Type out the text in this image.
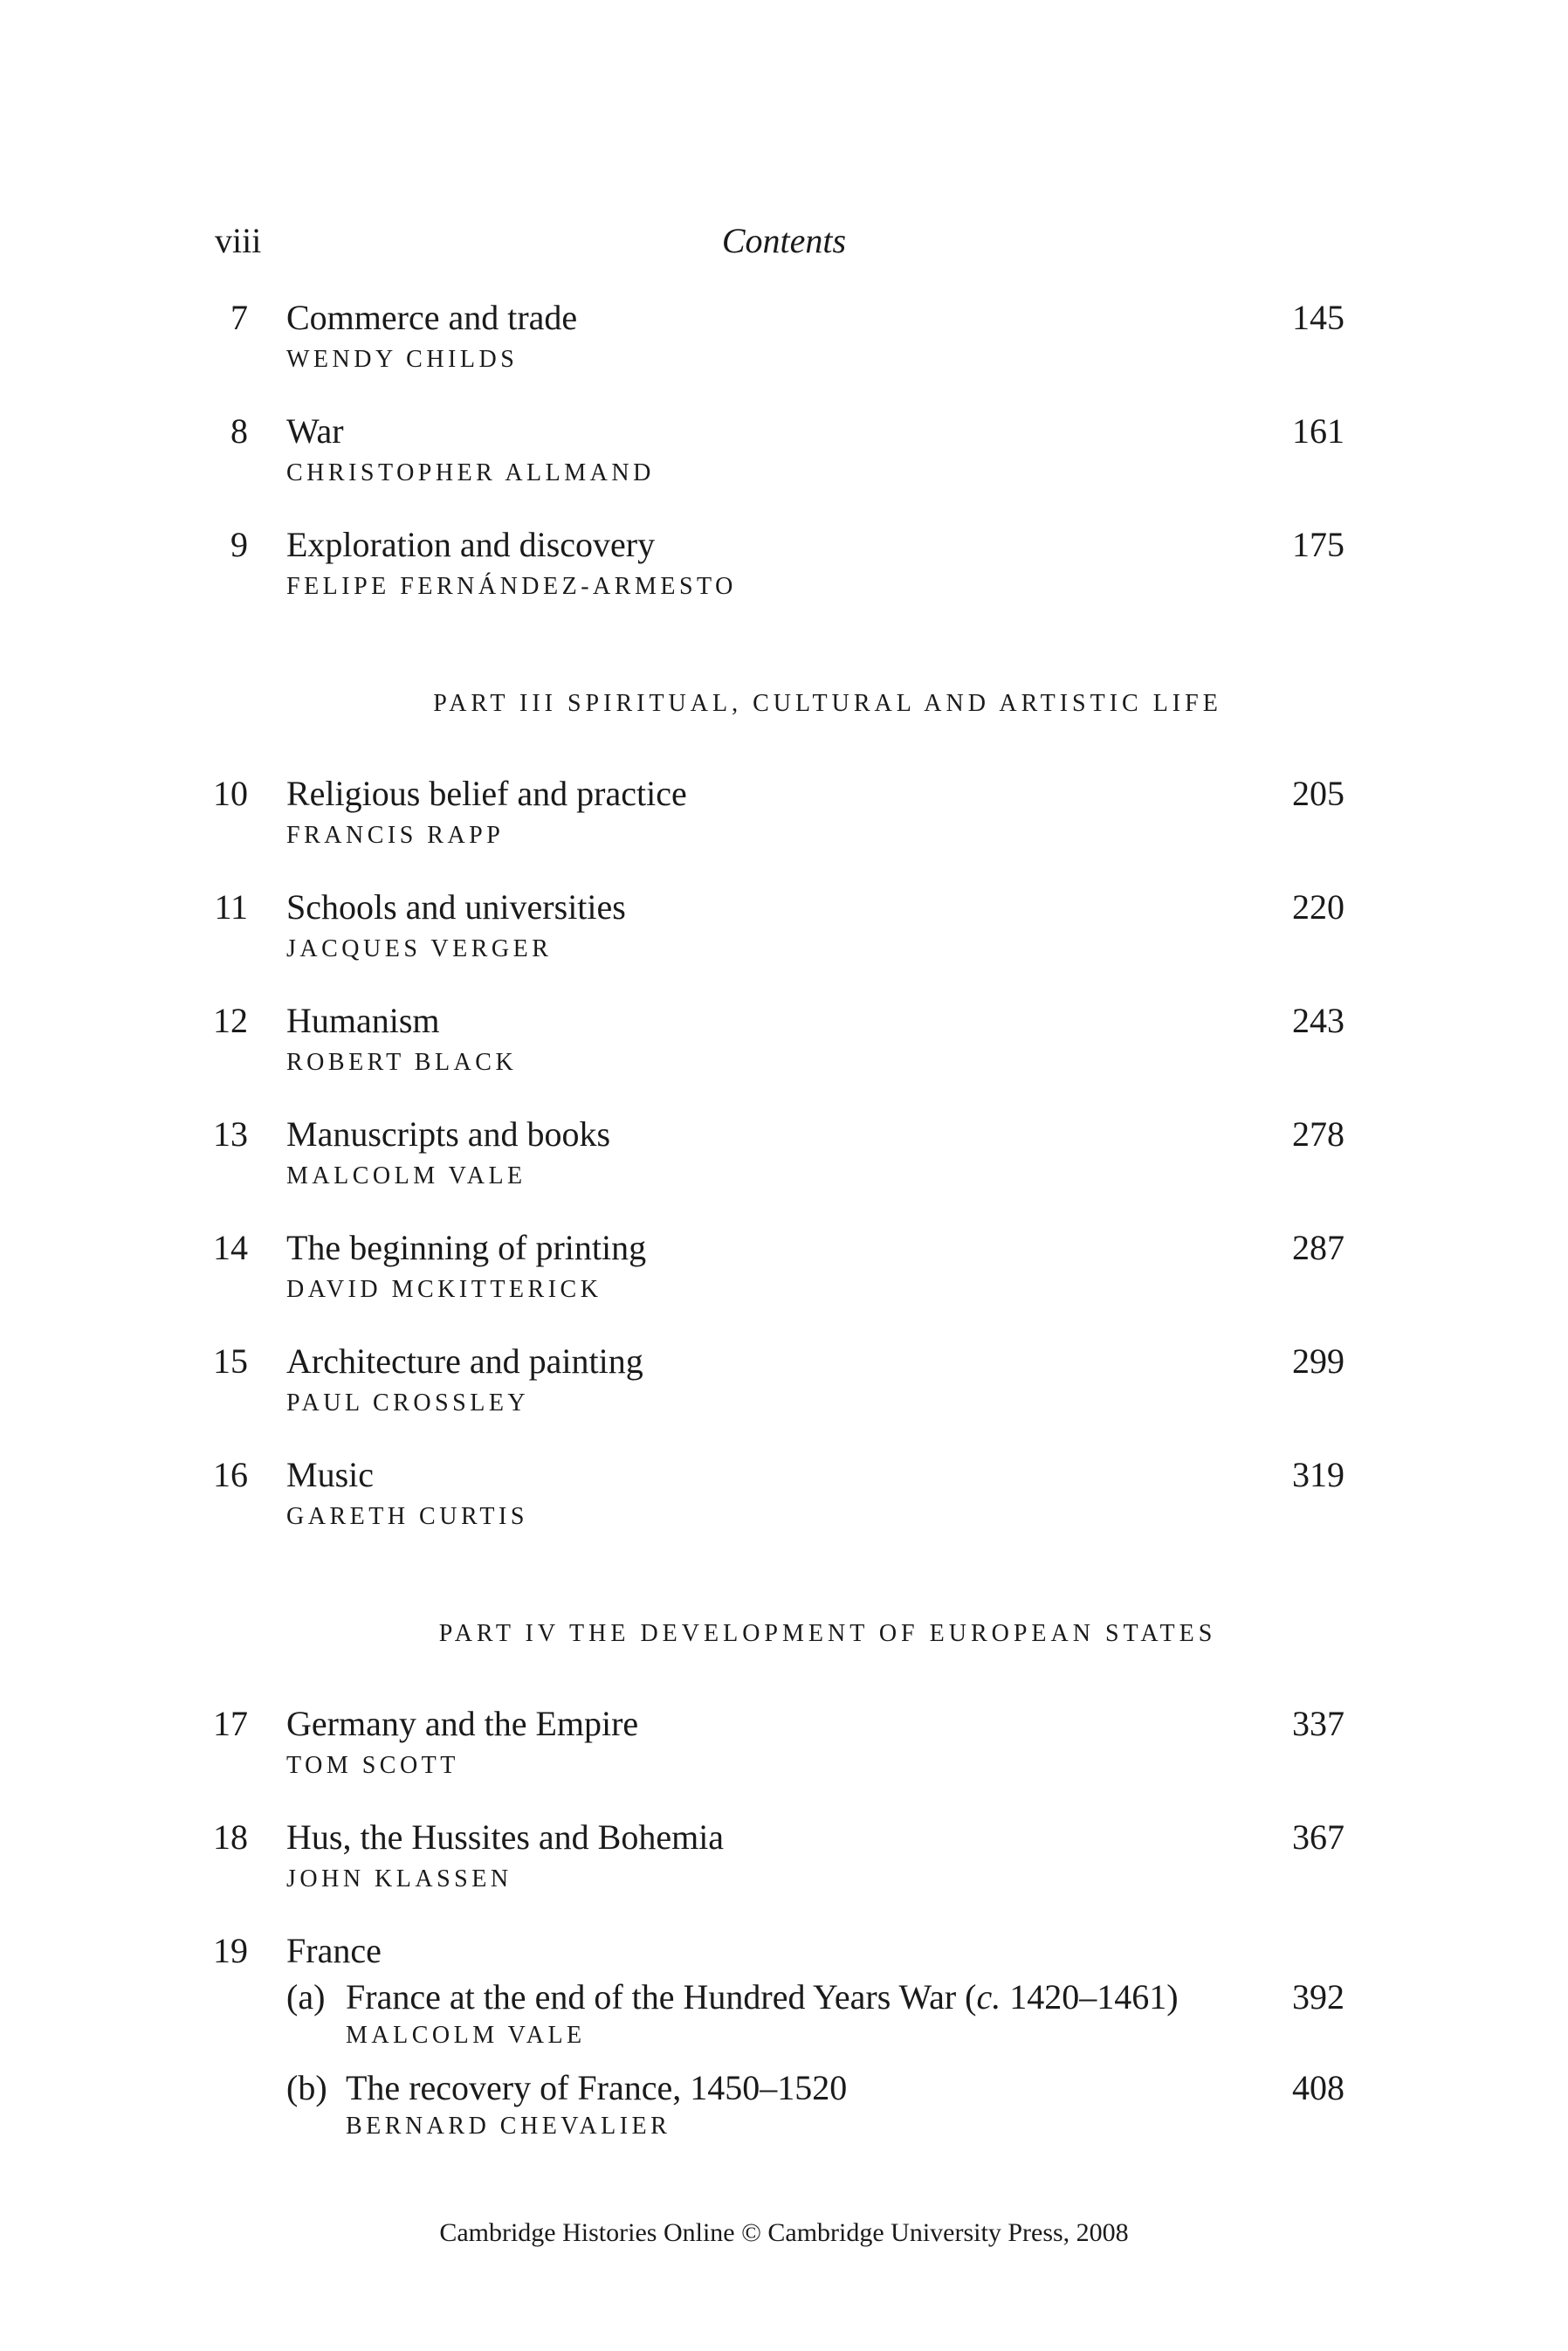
viii	Contents
7 Commerce and trade	145
WENDY CHILDS
8 War	161
CHRISTOPHER ALLMAND
9 Exploration and discovery	175
FELIPE FERNÁNDEZ-ARMESTO
PART III SPIRITUAL, CULTURAL AND ARTISTIC LIFE
10 Religious belief and practice	205
FRANCIS RAPP
11 Schools and universities	220
JACQUES VERGER
12 Humanism	243
ROBERT BLACK
13 Manuscripts and books	278
MALCOLM VALE
14 The beginning of printing	287
DAVID MCKITTERICK
15 Architecture and painting	299
PAUL CROSSLEY
16 Music	319
GARETH CURTIS
PART IV THE DEVELOPMENT OF EUROPEAN STATES
17 Germany and the Empire	337
TOM SCOTT
18 Hus, the Hussites and Bohemia	367
JOHN KLASSEN
19 France
(a) France at the end of the Hundred Years War (c. 1420–1461)	392
MALCOLM VALE
(b) The recovery of France, 1450–1520	408
BERNARD CHEVALIER
Cambridge Histories Online © Cambridge University Press, 2008
